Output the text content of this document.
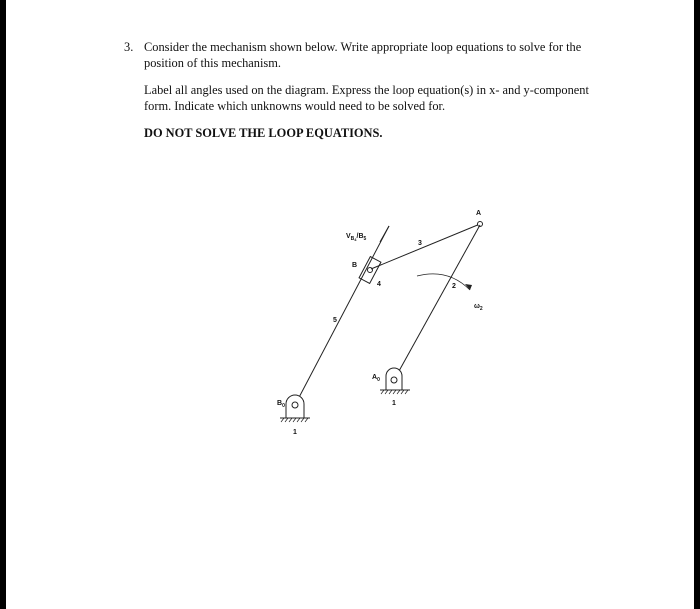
3. Consider the mechanism shown below. Write appropriate loop equations to solve for the position of this mechanism.

Label all angles used on the diagram. Express the loop equation(s) in x- and y-component form. Indicate which unknowns would need to be solved for.

DO NOT SOLVE THE LOOP EQUATIONS.

A
B
3
4
5
2
$A_0$
$B_0$	1
1
$V_B4/B_5$
$\omega_2$
